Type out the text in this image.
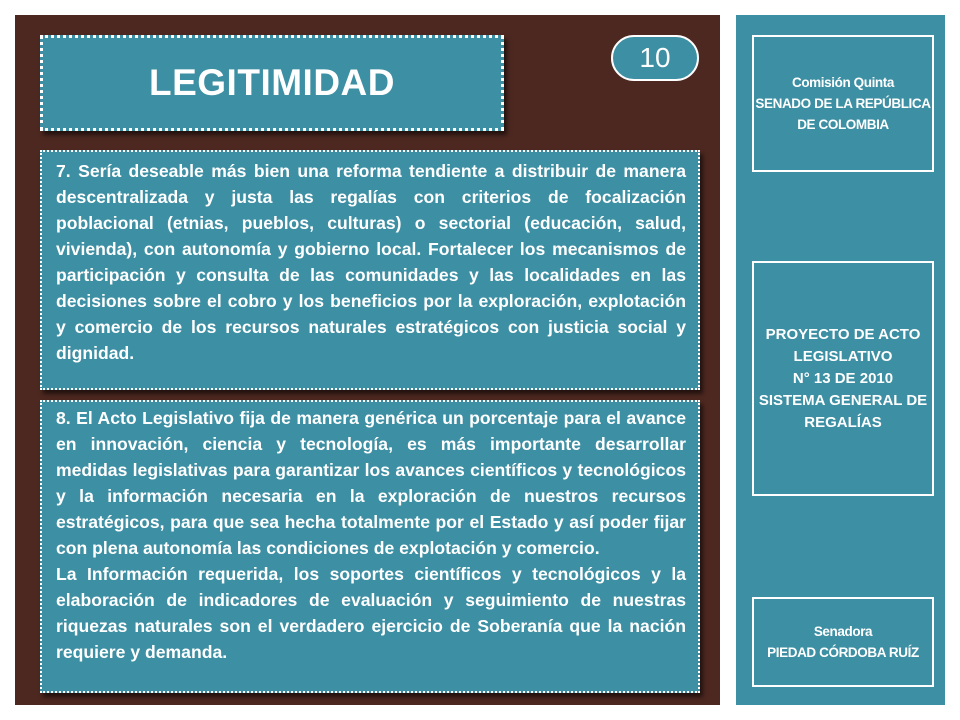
LEGITIMIDAD
10

7. Sería deseable más bien una reforma tendiente a distribuir de manera descentralizada y justa las regalías con criterios de focalización poblacional (etnias, pueblos, culturas) o sectorial (educación, salud, vivienda), con autonomía y gobierno local. Fortalecer los mecanismos de participación y consulta de las comunidades y las localidades en las decisiones sobre el cobro y los beneficios por la exploración, explotación y comercio de los recursos naturales estratégicos con justicia social y dignidad.

8. El Acto Legislativo fija de manera genérica un porcentaje para el avance en innovación, ciencia y tecnología, es más importante desarrollar medidas legislativas para garantizar los avances científicos y tecnológicos y la información necesaria en la exploración de nuestros recursos estratégicos, para que sea hecha totalmente por el Estado y así poder fijar con plena autonomía las condiciones de explotación y comercio.

La Información requerida, los soportes científicos y tecnológicos y la elaboración de indicadores de evaluación y seguimiento de nuestras riquezas naturales son el verdadero ejercicio de Soberanía que la nación requiere y demanda.

Comisión Quinta
SENADO DE LA REPÚBLICA DE COLOMBIA
PROYECTO DE ACTO LEGISLATIVO
N° 13 DE 2010
SISTEMA GENERAL DE REGALÍAS
Senadora
PIEDAD CÓRDOBA RUÍZ
